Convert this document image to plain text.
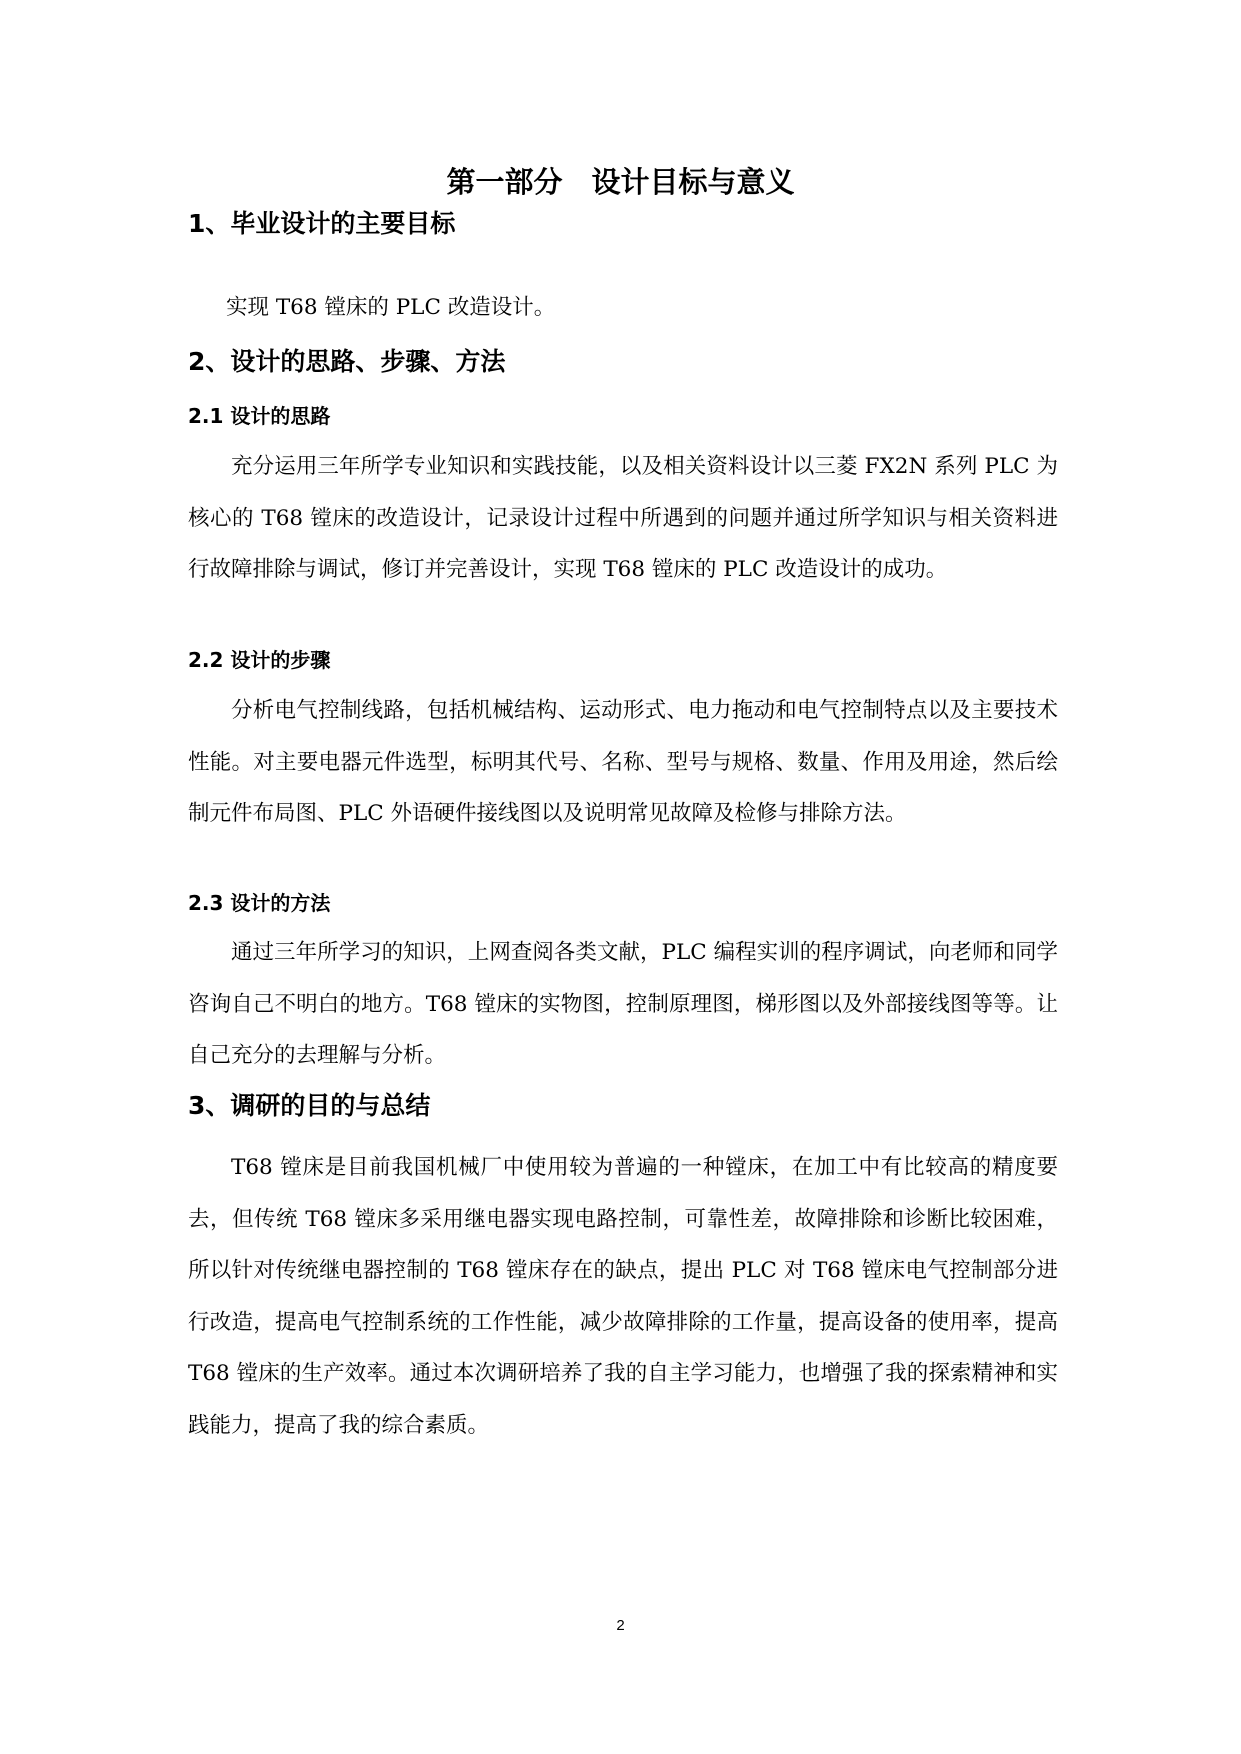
第一部分　设计目标与意义
1、毕业设计的主要目标

实现 T68 镗床的 PLC 改造设计。

2、设计的思路、步骤、方法
2.1 设计的思路

充分运用三年所学专业知识和实践技能，以及相关资料设计以三菱 FX2N 系列 PLC 为核心的 T68 镗床的改造设计，记录设计过程中所遇到的问题并通过所学知识与相关资料进行故障排除与调试，修订并完善设计，实现 T68 镗床的 PLC 改造设计的成功。

2.2 设计的步骤

分析电气控制线路，包括机械结构、运动形式、电力拖动和电气控制特点以及主要技术性能。对主要电器元件选型，标明其代号、名称、型号与规格、数量、作用及用途，然后绘制元件布局图、PLC 外语硬件接线图以及说明常见故障及检修与排除方法。

2.3 设计的方法

通过三年所学习的知识，上网查阅各类文献，PLC 编程实训的程序调试，向老师和同学咨询自己不明白的地方。T68 镗床的实物图，控制原理图，梯形图以及外部接线图等等。让自己充分的去理解与分析。

3、调研的目的与总结

T68 镗床是目前我国机械厂中使用较为普遍的一种镗床，在加工中有比较高的精度要去，但传统 T68 镗床多采用继电器实现电路控制，可靠性差，故障排除和诊断比较困难，所以针对传统继电器控制的 T68 镗床存在的缺点，提出 PLC 对 T68 镗床电气控制部分进行改造，提高电气控制系统的工作性能，减少故障排除的工作量，提高设备的使用率，提高 T68 镗床的生产效率。通过本次调研培养了我的自主学习能力，也增强了我的探索精神和实践能力，提高了我的综合素质。

2
